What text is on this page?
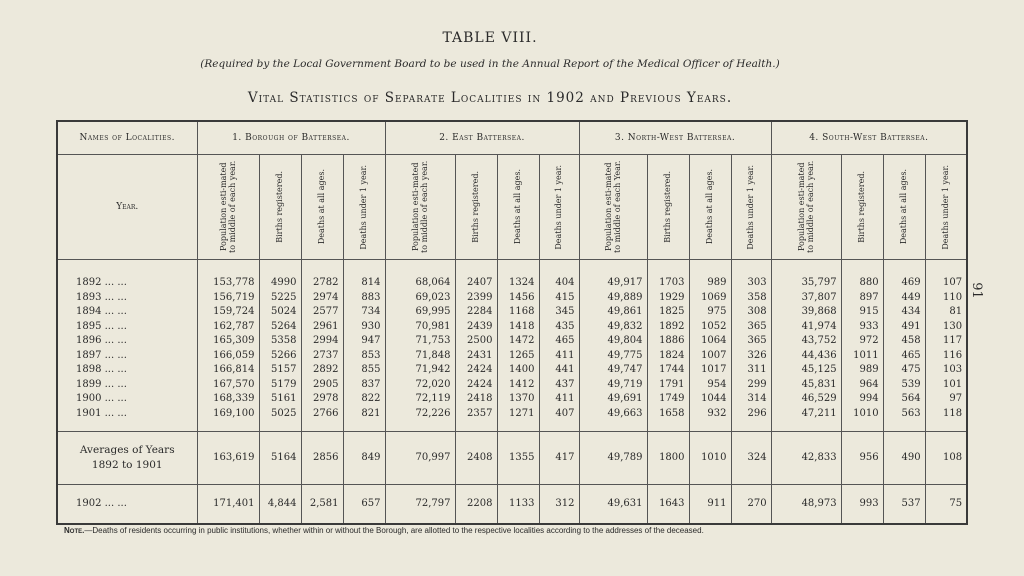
TABLE VIII.
(Required by the Local Government Board to be used in the Annual Report of the Medical Officer of Health.)
Vital Statistics of Separate Localities in 1902 and Previous Years.
Names of Localities.	1. Borough of Battersea.				2. East Battersea.				3. North-West Battersea.				4. South-West Battersea.			
Year.	Population esti-mated to middle of each year.	Births registered.	Deaths at all ages.	Deaths under 1 year.	Population esti-mated to middle of each year.	Births registered.	Deaths at all ages.	Deaths under 1 year.	Population esti-mated to middle of each Year.	Births registered.	Deaths at all ages.	Deaths under 1 year.	Population esti-mated to middle of each year.	Births registered.	Deaths at all ages.	Deaths under 1 year.

1892 ... ...	153,778	4990	2782	814	68,064	2407	1324	404	49,917	1703	989	303	35,797	880	469	107
1893 ... ...	156,719	5225	2974	883	69,023	2399	1456	415	49,889	1929	1069	358	37,807	897	449	110
1894 ... ...	159,724	5024	2577	734	69,995	2284	1168	345	49,861	1825	975	308	39,868	915	434	81
1895 ... ...	162,787	5264	2961	930	70,981	2439	1418	435	49,832	1892	1052	365	41,974	933	491	130
1896 ... ...	165,309	5358	2994	947	71,753	2500	1472	465	49,804	1886	1064	365	43,752	972	458	117
1897 ... ...	166,059	5266	2737	853	71,848	2431	1265	411	49,775	1824	1007	326	44,436	1011	465	116
1898 ... ...	166,814	5157	2892	855	71,942	2424	1400	441	49,747	1744	1017	311	45,125	989	475	103
1899 ... ...	167,570	5179	2905	837	72,020	2424	1412	437	49,719	1791	954	299	45,831	964	539	101
1900 ... ...	168,339	5161	2978	822	72,119	2418	1370	411	49,691	1749	1044	314	46,529	994	564	97
1901 ... ...	169,100	5025	2766	821	72,226	2357	1271	407	49,663	1658	932	296	47,211	1010	563	118

Averages of Years
1892 to 1901	163,619	5164	2856	849	70,997	2408	1355	417	49,789	1800	1010	324	42,833	956	490	108
1902 ... ...	171,401	4,844	2,581	657	72,797	2208	1133	312	49,631	1643	911	270	48,973	993	537	75
91
Note.—Deaths of residents occurring in public institutions, whether within or without the Borough, are allotted to the respective localities according to the addresses of the deceased.
